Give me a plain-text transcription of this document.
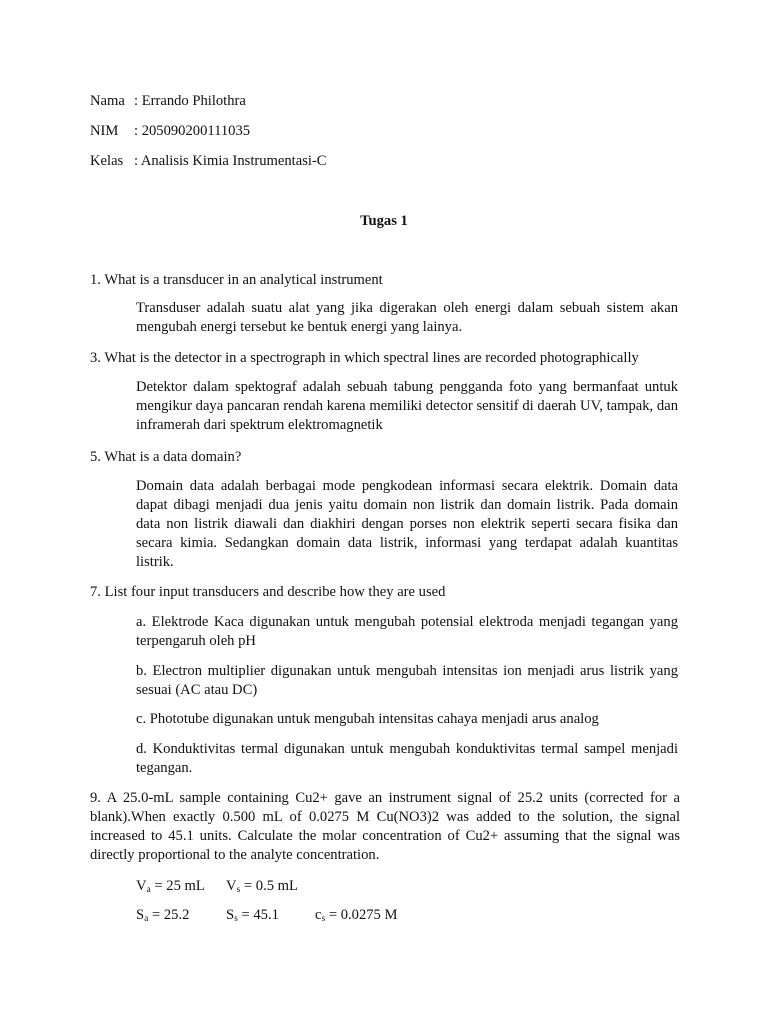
Nama : Errando Philothra
NIM : 205090200111035
Kelas : Analisis Kimia Instrumentasi-C
Tugas 1
1. What is a transducer in an analytical instrument
Transduser adalah suatu alat yang jika digerakan oleh energi dalam sebuah sistem akan mengubah energi tersebut ke bentuk energi yang lainya.
3. What is the detector in a spectrograph in which spectral lines are recorded photographically
Detektor dalam spektograf adalah sebuah tabung pengganda foto yang bermanfaat untuk mengikur daya pancaran rendah karena memiliki detector sensitif di daerah UV, tampak, dan inframerah dari spektrum elektromagnetik
5. What is a data domain?
Domain data adalah berbagai mode pengkodean informasi secara elektrik. Domain data dapat dibagi menjadi dua jenis yaitu domain non listrik dan domain listrik. Pada domain data non listrik diawali dan diakhiri dengan porses non elektrik seperti secara fisika dan secara kimia. Sedangkan domain data listrik, informasi yang terdapat adalah kuantitas listrik.
7. List four input transducers and describe how they are used
a. Elektrode Kaca digunakan untuk mengubah potensial elektroda menjadi tegangan yang terpengaruh oleh pH
b. Electron multiplier digunakan untuk mengubah intensitas ion menjadi arus listrik yang sesuai (AC atau DC)
c. Phototube digunakan untuk mengubah intensitas cahaya menjadi arus analog
d. Konduktivitas termal digunakan untuk mengubah konduktivitas termal sampel menjadi tegangan.
9. A 25.0-mL sample containing Cu2+ gave an instrument signal of 25.2 units (corrected for a blank).When exactly 0.500 mL of 0.0275 M Cu(NO3)2 was added to the solution, the signal increased to 45.1 units. Calculate the molar concentration of Cu2+ assuming that the signal was directly proportional to the analyte concentration.
$V_a = 25$ mL $V_s = 0.5$ mL
$S_a = 25.2$	$S_s = 45.1$ $c_s = 0.0275$ M
